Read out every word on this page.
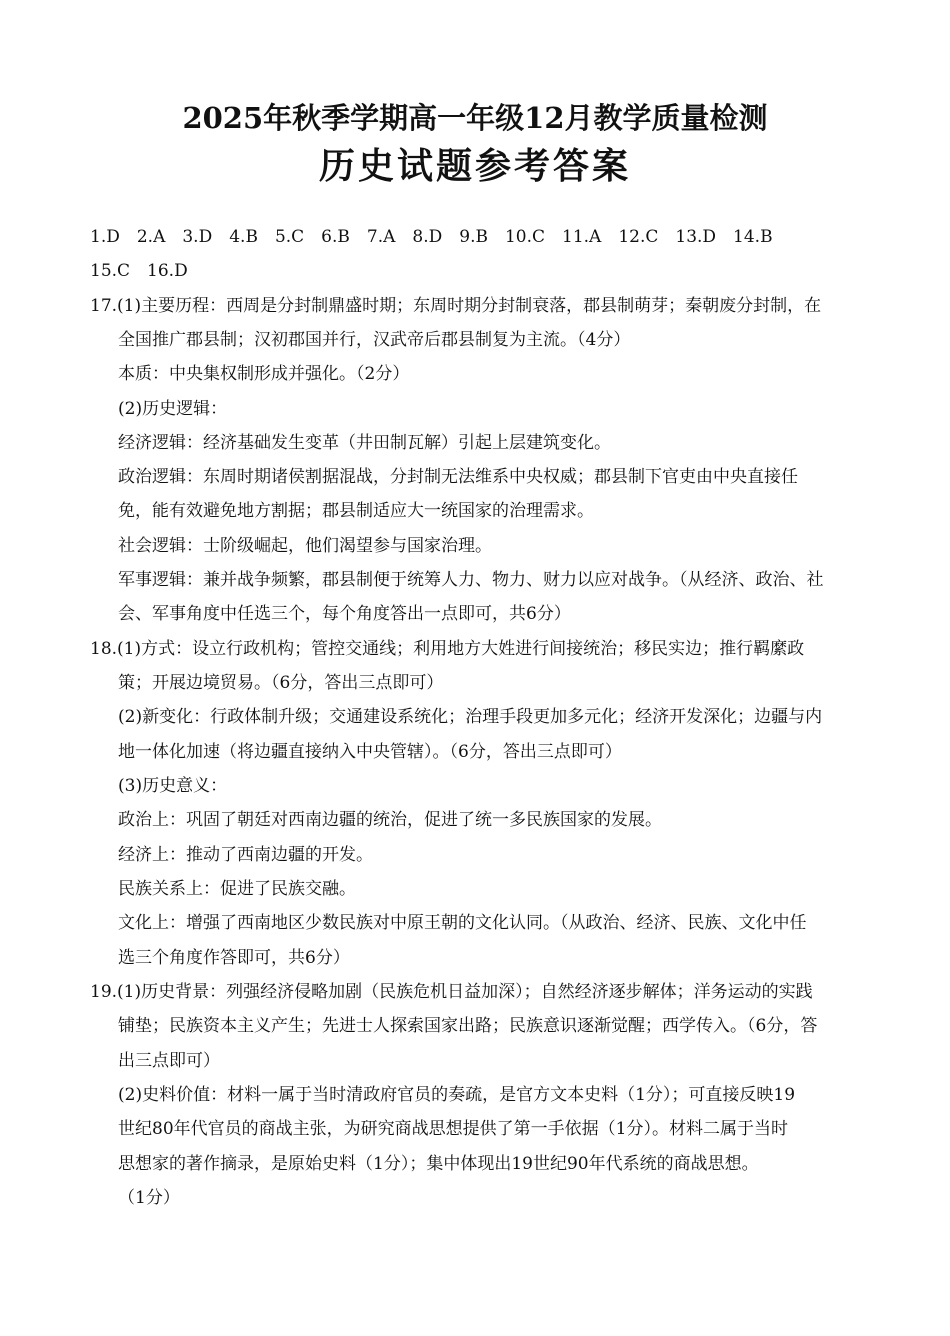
2025年秋季学期高一年级12月教学质量检测
历史试题参考答案
1.D 2.A 3.D 4.B 5.C 6.B 7.A 8.D 9.B 10.C 11.A 12.C 13.D 14.B
15.C 16.D
17.(1)主要历程：西周是分封制鼎盛时期；东周时期分封制衰落，郡县制萌芽；秦朝废分封制，在
全国推广郡县制；汉初郡国并行，汉武帝后郡县制复为主流。（4分）
本质：中央集权制形成并强化。（2分）
(2)历史逻辑：
经济逻辑：经济基础发生变革（井田制瓦解）引起上层建筑变化。
政治逻辑：东周时期诸侯割据混战，分封制无法维系中央权威；郡县制下官吏由中央直接任
免，能有效避免地方割据；郡县制适应大一统国家的治理需求。
社会逻辑：士阶级崛起，他们渴望参与国家治理。
军事逻辑：兼并战争频繁，郡县制便于统筹人力、物力、财力以应对战争。（从经济、政治、社
会、军事角度中任选三个，每个角度答出一点即可，共6分）
18.(1)方式：设立行政机构；管控交通线；利用地方大姓进行间接统治；移民实边；推行羁縻政
策；开展边境贸易。（6分，答出三点即可）
(2)新变化：行政体制升级；交通建设系统化；治理手段更加多元化；经济开发深化；边疆与内
地一体化加速（将边疆直接纳入中央管辖）。（6分，答出三点即可）
(3)历史意义：
政治上：巩固了朝廷对西南边疆的统治，促进了统一多民族国家的发展。
经济上：推动了西南边疆的开发。
民族关系上：促进了民族交融。
文化上：增强了西南地区少数民族对中原王朝的文化认同。（从政治、经济、民族、文化中任
选三个角度作答即可，共6分）
19.(1)历史背景：列强经济侵略加剧（民族危机日益加深）；自然经济逐步解体；洋务运动的实践
铺垫；民族资本主义产生；先进士人探索国家出路；民族意识逐渐觉醒；西学传入。（6分，答
出三点即可）
(2)史料价值：材料一属于当时清政府官员的奏疏，是官方文本史料（1分）；可直接反映19
世纪80年代官员的商战主张，为研究商战思想提供了第一手依据（1分）。材料二属于当时
思想家的著作摘录，是原始史料（1分）；集中体现出19世纪90年代系统的商战思想。
（1分）
